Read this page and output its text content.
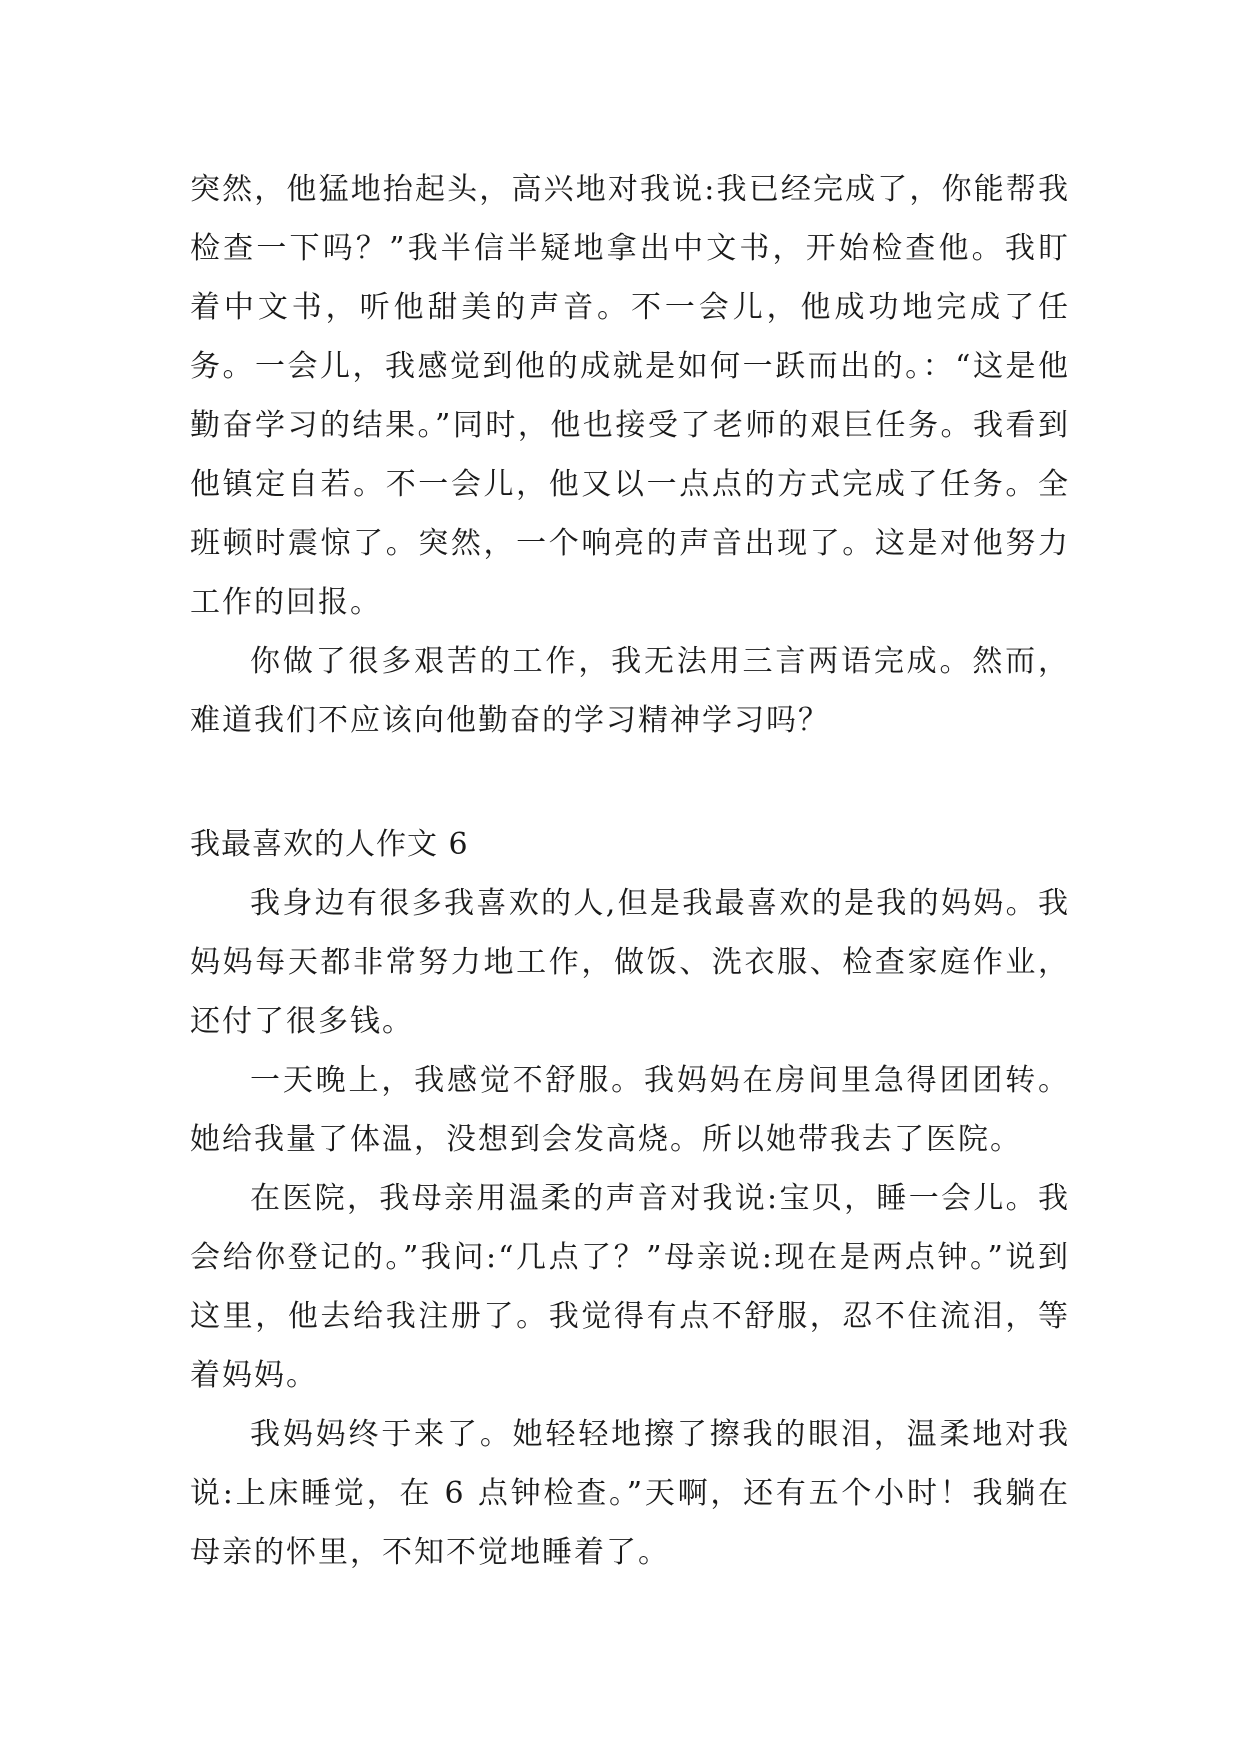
突然，他猛地抬起头，高兴地对我说:我已经完成了，你能帮我检查一下吗？”我半信半疑地拿出中文书，开始检查他。我盯着中文书，听他甜美的声音。不一会儿，他成功地完成了任务。一会儿，我感觉到他的成就是如何一跃而出的。：“这是他勤奋学习的结果。”同时，他也接受了老师的艰巨任务。我看到他镇定自若。不一会儿，他又以一点点的方式完成了任务。全班顿时震惊了。突然，一个响亮的声音出现了。这是对他努力工作的回报。

你做了很多艰苦的工作，我无法用三言两语完成。然而，难道我们不应该向他勤奋的学习精神学习吗？

我最喜欢的人作文 6

我身边有很多我喜欢的人,但是我最喜欢的是我的妈妈。我妈妈每天都非常努力地工作，做饭、洗衣服、检查家庭作业，还付了很多钱。

一天晚上，我感觉不舒服。我妈妈在房间里急得团团转。她给我量了体温，没想到会发高烧。所以她带我去了医院。

在医院，我母亲用温柔的声音对我说:宝贝，睡一会儿。我会给你登记的。”我问:“几点了？”母亲说:现在是两点钟。”说到这里，他去给我注册了。我觉得有点不舒服，忍不住流泪，等着妈妈。

我妈妈终于来了。她轻轻地擦了擦我的眼泪，温柔地对我说:上床睡觉，在 6 点钟检查。”天啊，还有五个小时！我躺在母亲的怀里，不知不觉地睡着了。
